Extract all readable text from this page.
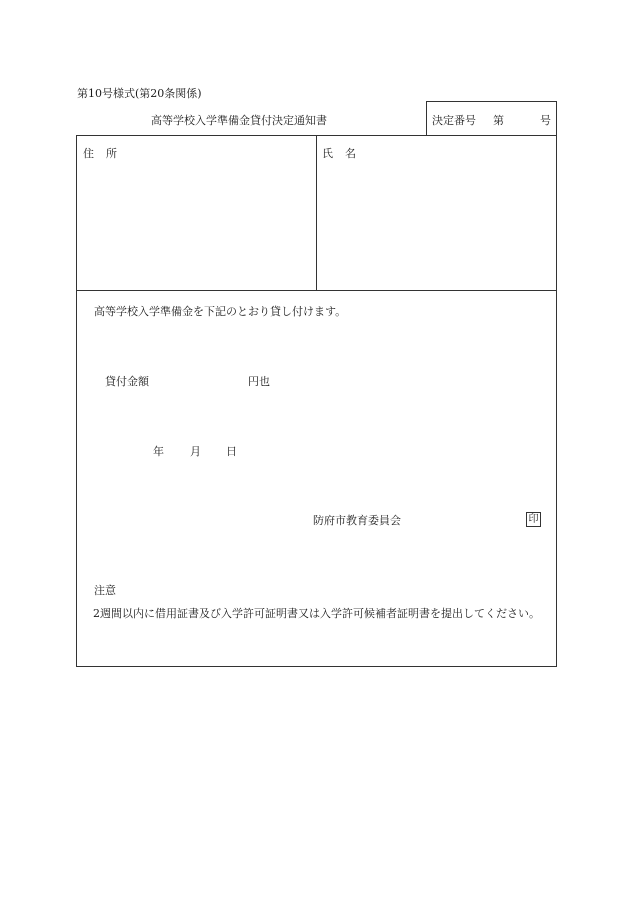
第10号様式(第20条関係)
高等学校入学準備金貸付決定通知書	決定番号 第	号
住所	氏名
高等学校入学準備金を下記のとおり貸し付けます。
貸付金額	円也
年 月 日
防府市教育委員会	印
注意
2週間以内に借用証書及び入学許可証明書又は入学許可候補者証明書を提出してください。
